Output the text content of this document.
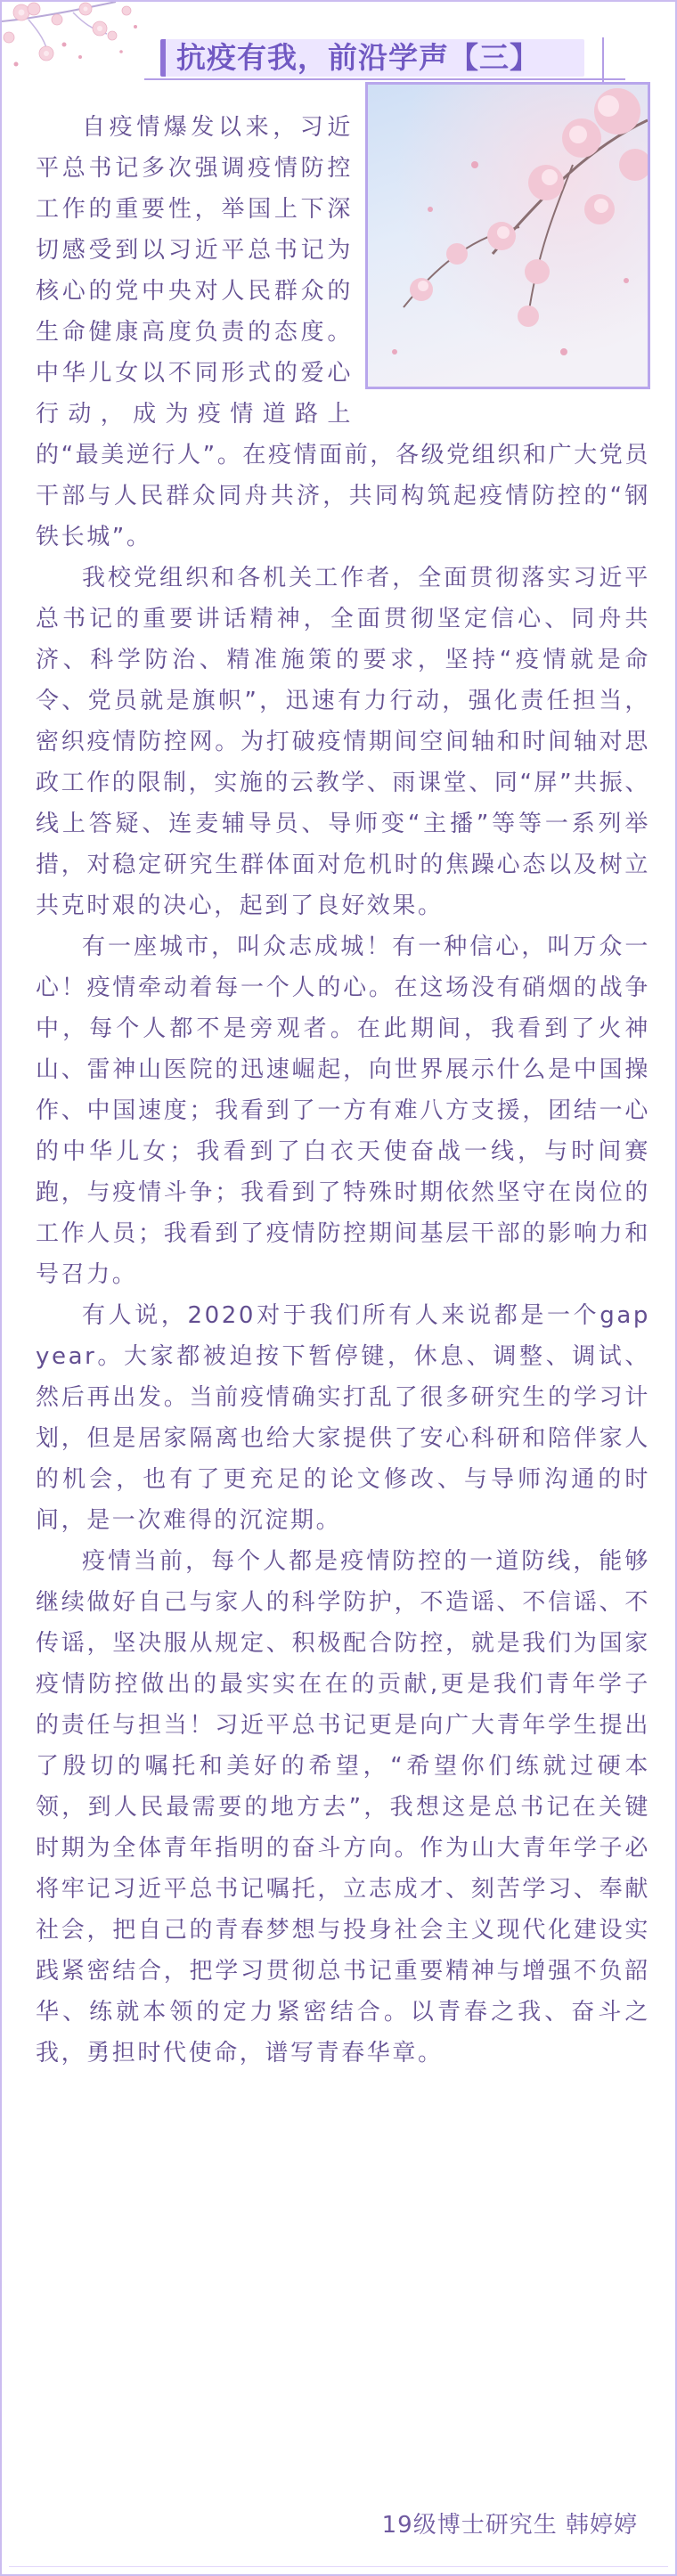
抗疫有我，前沿学声【三】

自疫情爆发以来，习近平总书记多次强调疫情防控工作的重要性，举国上下深切感受到以习近平总书记为核心的党中央对人民群众的生命健康高度负责的态度。中华儿女以不同形式的爱心行动，成为疫情道路上的“最美逆行人”。在疫情面前，各级党组织和广大党员干部与人民群众同舟共济，共同构筑起疫情防控的“钢铁长城”。

我校党组织和各机关工作者，全面贯彻落实习近平总书记的重要讲话精神，全面贯彻坚定信心、同舟共济、科学防治、精准施策的要求，坚持“疫情就是命令、党员就是旗帜”，迅速有力行动，强化责任担当，密织疫情防控网。为打破疫情期间空间轴和时间轴对思政工作的限制，实施的云教学、雨课堂、同“屏”共振、线上答疑、连麦辅导员、导师变“主播”等等一系列举措，对稳定研究生群体面对危机时的焦躁心态以及树立共克时艰的决心，起到了良好效果。

有一座城市，叫众志成城！有一种信心，叫万众一心！疫情牵动着每一个人的心。在这场没有硝烟的战争中，每个人都不是旁观者。在此期间，我看到了火神山、雷神山医院的迅速崛起，向世界展示什么是中国操作、中国速度；我看到了一方有难八方支援，团结一心的中华儿女；我看到了白衣天使奋战一线，与时间赛跑，与疫情斗争；我看到了特殊时期依然坚守在岗位的工作人员；我看到了疫情防控期间基层干部的影响力和号召力。

有人说，2020对于我们所有人来说都是一个gap year。大家都被迫按下暂停键，休息、调整、调试、然后再出发。当前疫情确实打乱了很多研究生的学习计划，但是居家隔离也给大家提供了安心科研和陪伴家人的机会，也有了更充足的论文修改、与导师沟通的时间，是一次难得的沉淀期。

疫情当前，每个人都是疫情防控的一道防线，能够继续做好自己与家人的科学防护，不造谣、不信谣、不传谣，坚决服从规定、积极配合防控，就是我们为国家疫情防控做出的最实实在在的贡献,更是我们青年学子的责任与担当！习近平总书记更是向广大青年学生提出了殷切的嘱托和美好的希望，“希望你们练就过硬本领，到人民最需要的地方去”，我想这是总书记在关键时期为全体青年指明的奋斗方向。作为山大青年学子必将牢记习近平总书记嘱托，立志成才、刻苦学习、奉献社会，把自己的青春梦想与投身社会主义现代化建设实践紧密结合，把学习贯彻总书记重要精神与增强不负韶华、练就本领的定力紧密结合。以青春之我、奋斗之我，勇担时代使命，谱写青春华章。

19级博士研究生 韩婷婷
